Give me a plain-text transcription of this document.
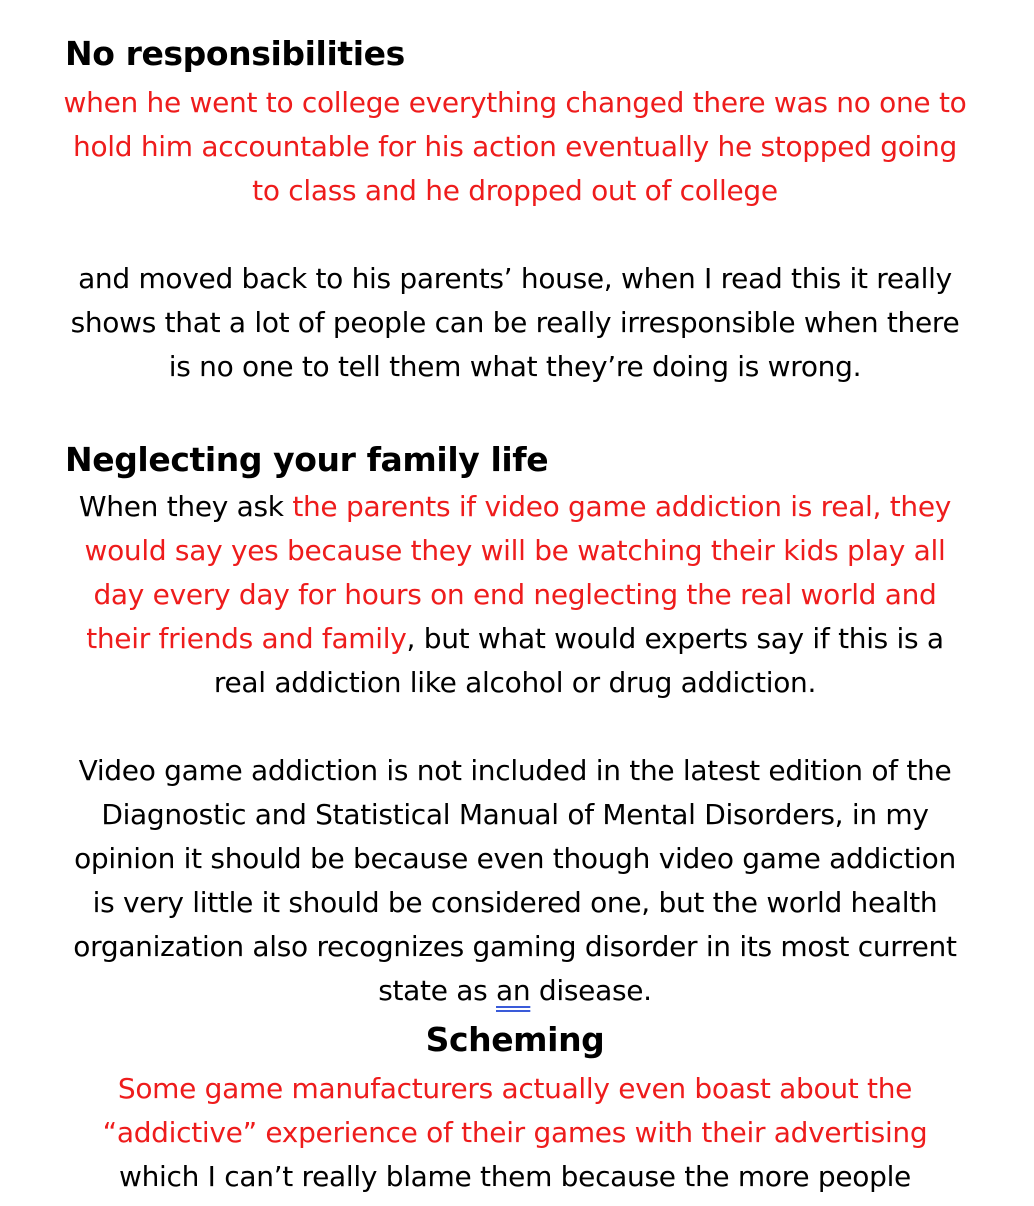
No responsibilities
when he went to college everything changed there was no one to hold him accountable for his action eventually he stopped going to class and he dropped out of college
and moved back to his parents’ house, when I read this it really shows that a lot of people can be really irresponsible when there is no one to tell them what they’re doing is wrong.
Neglecting your family life
When they ask the parents if video game addiction is real, they would say yes because they will be watching their kids play all day every day for hours on end neglecting the real world and their friends and family, but what would experts say if this is a real addiction like alcohol or drug addiction.
Video game addiction is not included in the latest edition of the Diagnostic and Statistical Manual of Mental Disorders, in my opinion it should be because even though video game addiction is very little it should be considered one, but the world health organization also recognizes gaming disorder in its most current state as an disease.
Scheming
Some game manufacturers actually even boast about the “addictive” experience of their games with their advertising
which I can’t really blame them because the more people
